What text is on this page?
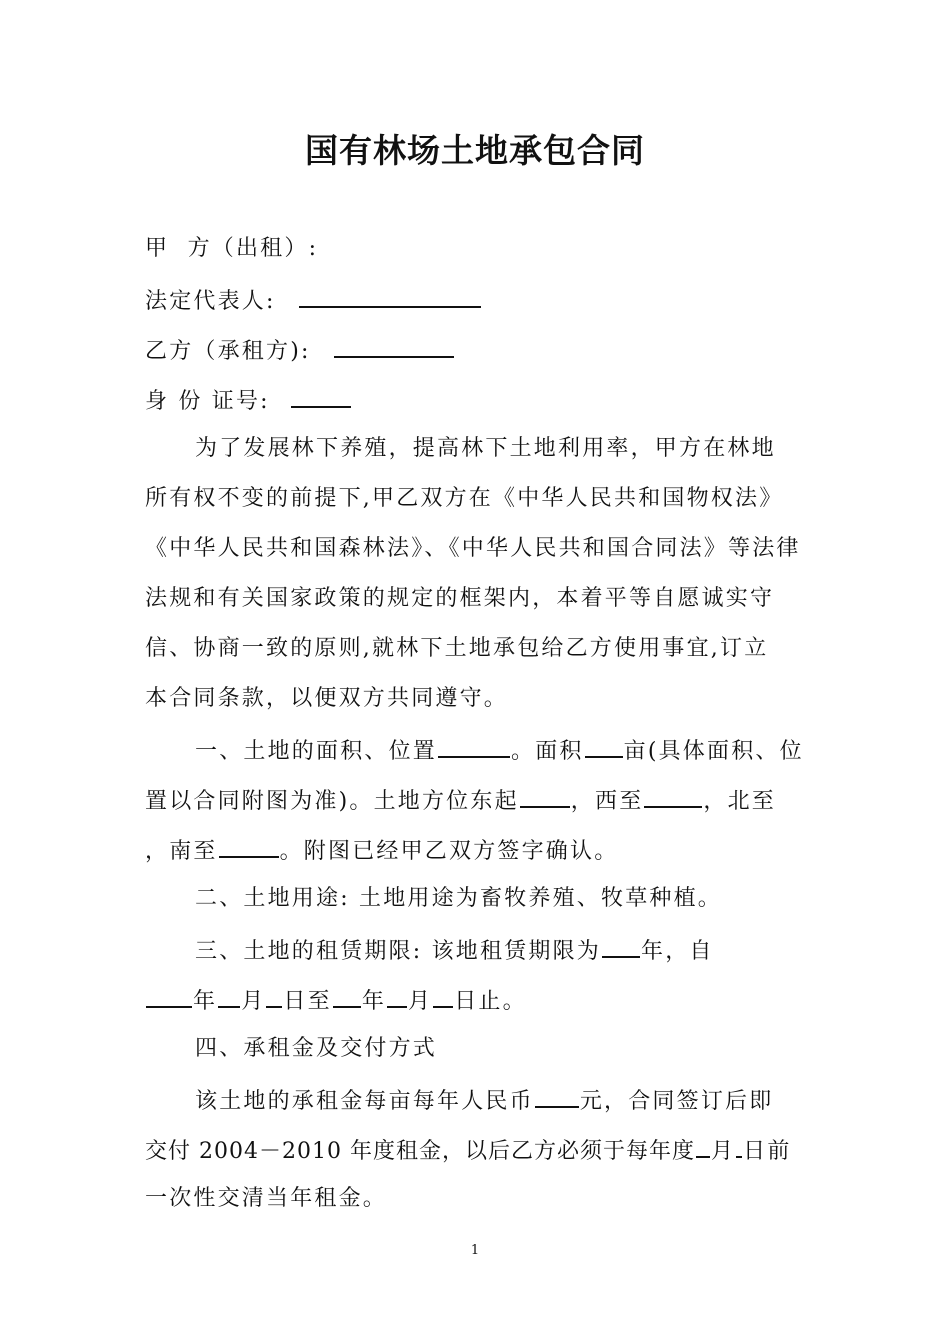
国有林场土地承包合同
甲  方（出租）:
法定代表人:
乙方（承租方):
身 份 证号:
为了发展林下养殖，提高林下土地利用率，甲方在林地
所有权不变的前提下,甲乙双方在《中华人民共和国物权法》
《中华人民共和国森林法》、《中华人民共和国合同法》等法律
法规和有关国家政策的规定的框架内，本着平等自愿诚实守
信、协商一致的原则,就林下土地承包给乙方使用事宜,订立
本合同条款，以便双方共同遵守。
一、土地的面积、位置	。面积 亩(具体面积、位
置以合同附图为准)。土地方位东起 ，西至	，北至
，南至	。附图已经甲乙双方签字确认。
二、土地用途: 土地用途为畜牧养殖、牧草种植。
三、土地的租赁期限: 该地租赁期限为 年，自
年 月 日至 年 月 日止。
四、承租金及交付方式
该土地的承租金每亩每年人民币 元，合同签订后即
交付 2004－2010 年度租金，以后乙方必须于每年度 月 日前
一次性交清当年租金。
1
